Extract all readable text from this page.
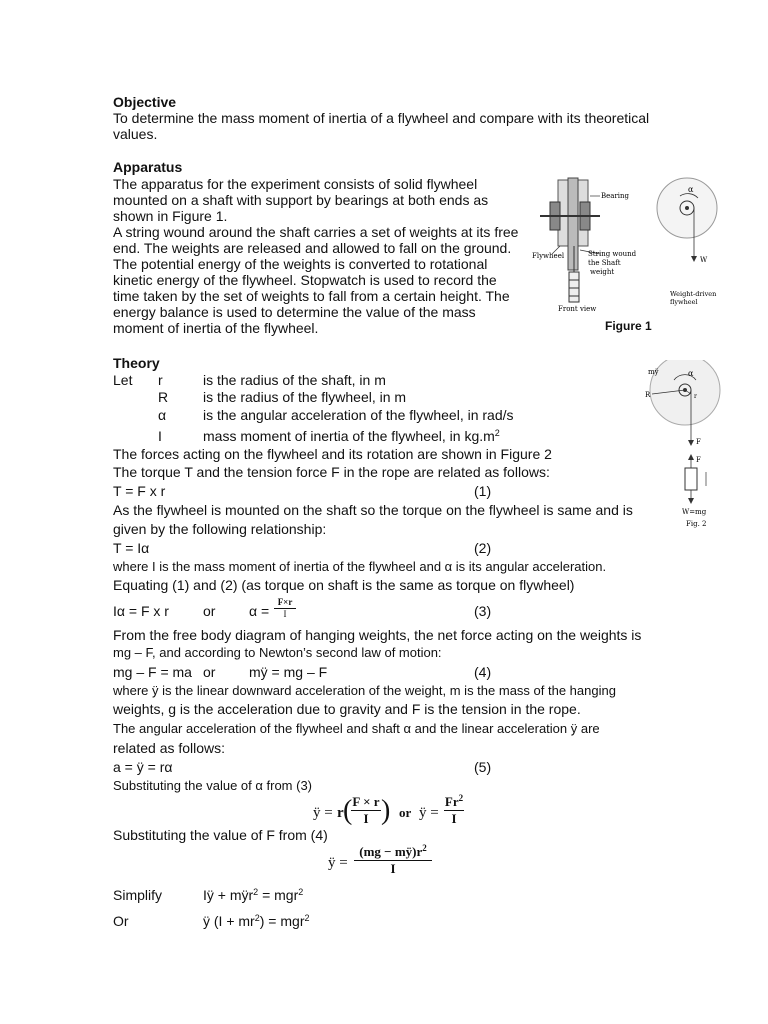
Objective
To determine the mass moment of inertia of a flywheel and compare with its theoretical
values.
Apparatus
The apparatus for the experiment consists of solid flywheel
mounted on a shaft with support by bearings at both ends as
shown in Figure 1.
A string wound around the shaft carries a set of weights at its free
end. The weights are released and allowed to fall on the ground.
The potential energy of the weights is converted to rotational
kinetic energy of the flywheel. Stopwatch is used to record the
time taken by the set of weights to fall from a certain height. The
energy balance is used to determine the value of the mass
moment of inertia of the flywheel.
Bearing
Flywheel	String wound
the Shaft
weight
Front view
α
W
Weight-driven
flywheel
Figure 1
mÿ	α
R	r
F
F
W=mg
Fig. 2
Theory
Let r	is the radius of the shaft, in m
R is the radius of the flywheel, in m
α	is the angular acceleration of the flywheel, in rad/s
I	mass moment of inertia of the flywheel, in $kg.m^2$
The forces acting on the flywheel and its rotation are shown in Figure 2
The torque T and the tension force F in the rope are related as follows:
T = F x r	(1)
As the flywheel is mounted on the shaft so the torque on the flywheel is same and is
given by the following relationship:
T = Iα	(2)
where I is the mass moment of inertia of the flywheel and α is its angular acceleration.
Equating (1) and (2) (as torque on shaft is the same as torque on flywheel)
Iα = F x r or $\alpha = \frac{F\times r}{I}$	(3)
From the free body diagram of hanging weights, the net force acting on the weights is
mg – F, and according to Newton’s second law of motion:
mg – F = ma or mÿ = mg – F	(4)
where ÿ is the linear downward acceleration of the weight, m is the mass of the hanging
weights, g is the acceleration due to gravity and F is the tension in the rope.
The angular acceleration of the flywheel and shaft α and the linear acceleration ÿ are
related as follows:
a = ÿ = rα	(5)
Substituting the value of α from (3)
ÿ = r (
$\frac{F \times r}{I}$ ) or ÿ = $\frac{Fr^2}{I}$
Substituting the value of F from (4)
ÿ = $\frac{(mg - mÿ)r^2}{I}$
Simplify	Iÿ + mÿr$^2$ = mgr$^2$
Or	ÿ $(I + mr^2) = mgr^2$
